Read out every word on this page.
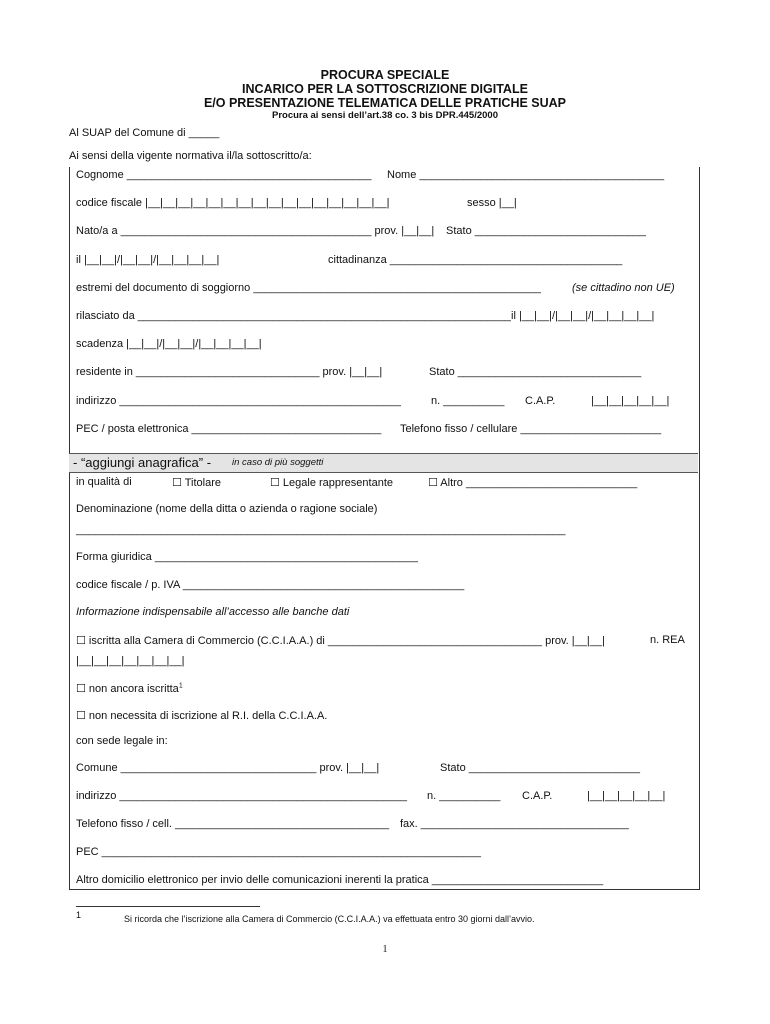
PROCURA SPECIALE
INCARICO PER LA SOTTOSCRIZIONE DIGITALE
E/O PRESENTAZIONE TELEMATICA DELLE PRATICHE SUAP
Procura ai sensi dell’art.38 co. 3 bis DPR.445/2000
Al SUAP del Comune di _____
Ai sensi della vigente normativa il/la sottoscritto/a:
Cognome ________________________________________ Nome ________________________________________
codice fiscale |__|__|__|__|__|__|__|__|__|__|__|__|__|__|__|__|	sesso |__|
Nato/a a _________________________________________ prov. |__|__| Stato ____________________________
il |__|__|/|__|__|/|__|__|__|__|	cittadinanza ______________________________________
estremi del documento di soggiorno _______________________________________________	(se cittadino non UE)
rilasciato da _____________________________________________________________ il |__|__|/|__|__|/|__|__|__|__|
scadenza |__|__|/|__|__|/|__|__|__|__|
residente in ______________________________ prov. |__|__|	Stato ______________________________
indirizzo ______________________________________________	n. __________ C.A.P.	|__|__|__|__|__|
PEC / posta elettronica _______________________________ Telefono fisso / cellulare _______________________
- “aggiungi anagrafica” - in caso di più soggetti
in qualità di	☐ Titolare	☐ Legale rappresentante	☐ Altro ____________________________
Denominazione (nome della ditta o azienda o ragione sociale)
________________________________________________________________________________
Forma giuridica ___________________________________________
codice fiscale / p. IVA ______________________________________________
Informazione indispensabile all’accesso alle banche dati
☐ iscritta alla Camera di Commercio (C.C.I.A.A.) di ___________________________________ prov. |__|__|	n. REA
|__|__|__|__|__|__|__|
☐ non ancora iscritta$^1$
☐ non necessita di iscrizione al R.I. della C.C.I.A.A.
con sede legale in:
Comune ________________________________ prov. |__|__|	Stato ____________________________
indirizzo _______________________________________________ n. __________ C.A.P.	|__|__|__|__|__|
Telefono fisso / cell. ___________________________________ fax. __________________________________
PEC ______________________________________________________________
Altro domicilio elettronico per invio delle comunicazioni inerenti la pratica ____________________________
1	Si ricorda che l’iscrizione alla Camera di Commercio (C.C.I.A.A.) va effettuata entro 30 giorni dall’avvio.
1
